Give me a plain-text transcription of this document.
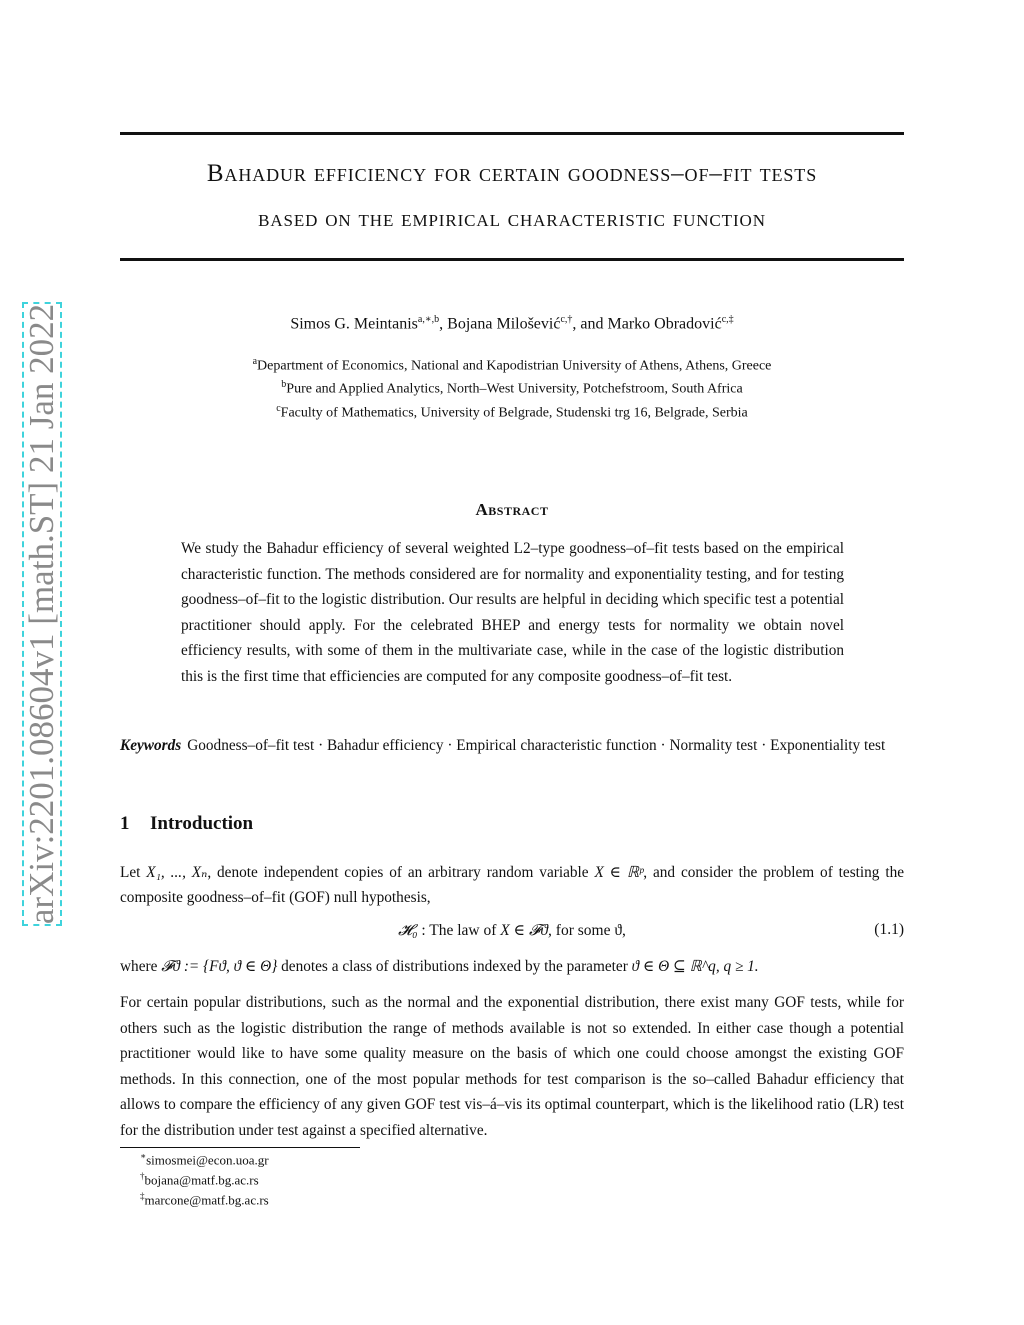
arXiv:2201.08604v1 [math.ST] 21 Jan 2022
Bahadur efficiency for certain goodness–of–fit tests
based on the empirical characteristic function
Simos G. Meintanis$^{a,∗,b}$, Bojana Milošević$^{c,\dagger}$, and Marko Obradović$^{c,\ddagger}$
$^a$Department of Economics, National and Kapodistrian University of Athens, Athens, Greece
$^b$Pure and Applied Analytics, North–West University, Potchefstroom, South Africa
$^c$Faculty of Mathematics, University of Belgrade, Studenski trg 16, Belgrade, Serbia
Abstract
We study the Bahadur efficiency of several weighted L2–type goodness–of–fit tests based on the empirical characteristic function. The methods considered are for normality and exponentiality testing, and for testing goodness–of–fit to the logistic distribution. Our results are helpful in deciding which specific test a potential practitioner should apply. For the celebrated BHEP and energy tests for normality we obtain novel efficiency results, with some of them in the multivariate case, while in the case of the logistic distribution this is the first time that efficiencies are computed for any composite goodness–of–fit test.
Keywords Goodness–of–fit test · Bahadur efficiency · Empirical characteristic function · Normality test · Exponentiality test
1 Introduction
Let X₁, ..., Xₙ, denote independent copies of an arbitrary random variable X ∈ ℝᵖ, and consider the problem of testing the composite goodness–of–fit (GOF) null hypothesis,
𝓗₀ : The law of X ∈ 𝓕ϑ, for some ϑ,	(1.1)
where 𝓕ϑ := {Fϑ, ϑ ∈ Θ} denotes a class of distributions indexed by the parameter ϑ ∈ Θ ⊆ ℝ^q, q ≥ 1.
For certain popular distributions, such as the normal and the exponential distribution, there exist many GOF tests, while for others such as the logistic distribution the range of methods available is not so extended. In either case though a potential practitioner would like to have some quality measure on the basis of which one could choose amongst the existing GOF methods. In this connection, one of the most popular methods for test comparison is the so–called Bahadur efficiency that allows to compare the efficiency of any given GOF test vis–á–vis its optimal counterpart, which is the likelihood ratio (LR) test for the distribution under test against a specified alternative.
∗simosmei@econ.uoa.gr
†bojana@matf.bg.ac.rs
‡marcone@matf.bg.ac.rs
